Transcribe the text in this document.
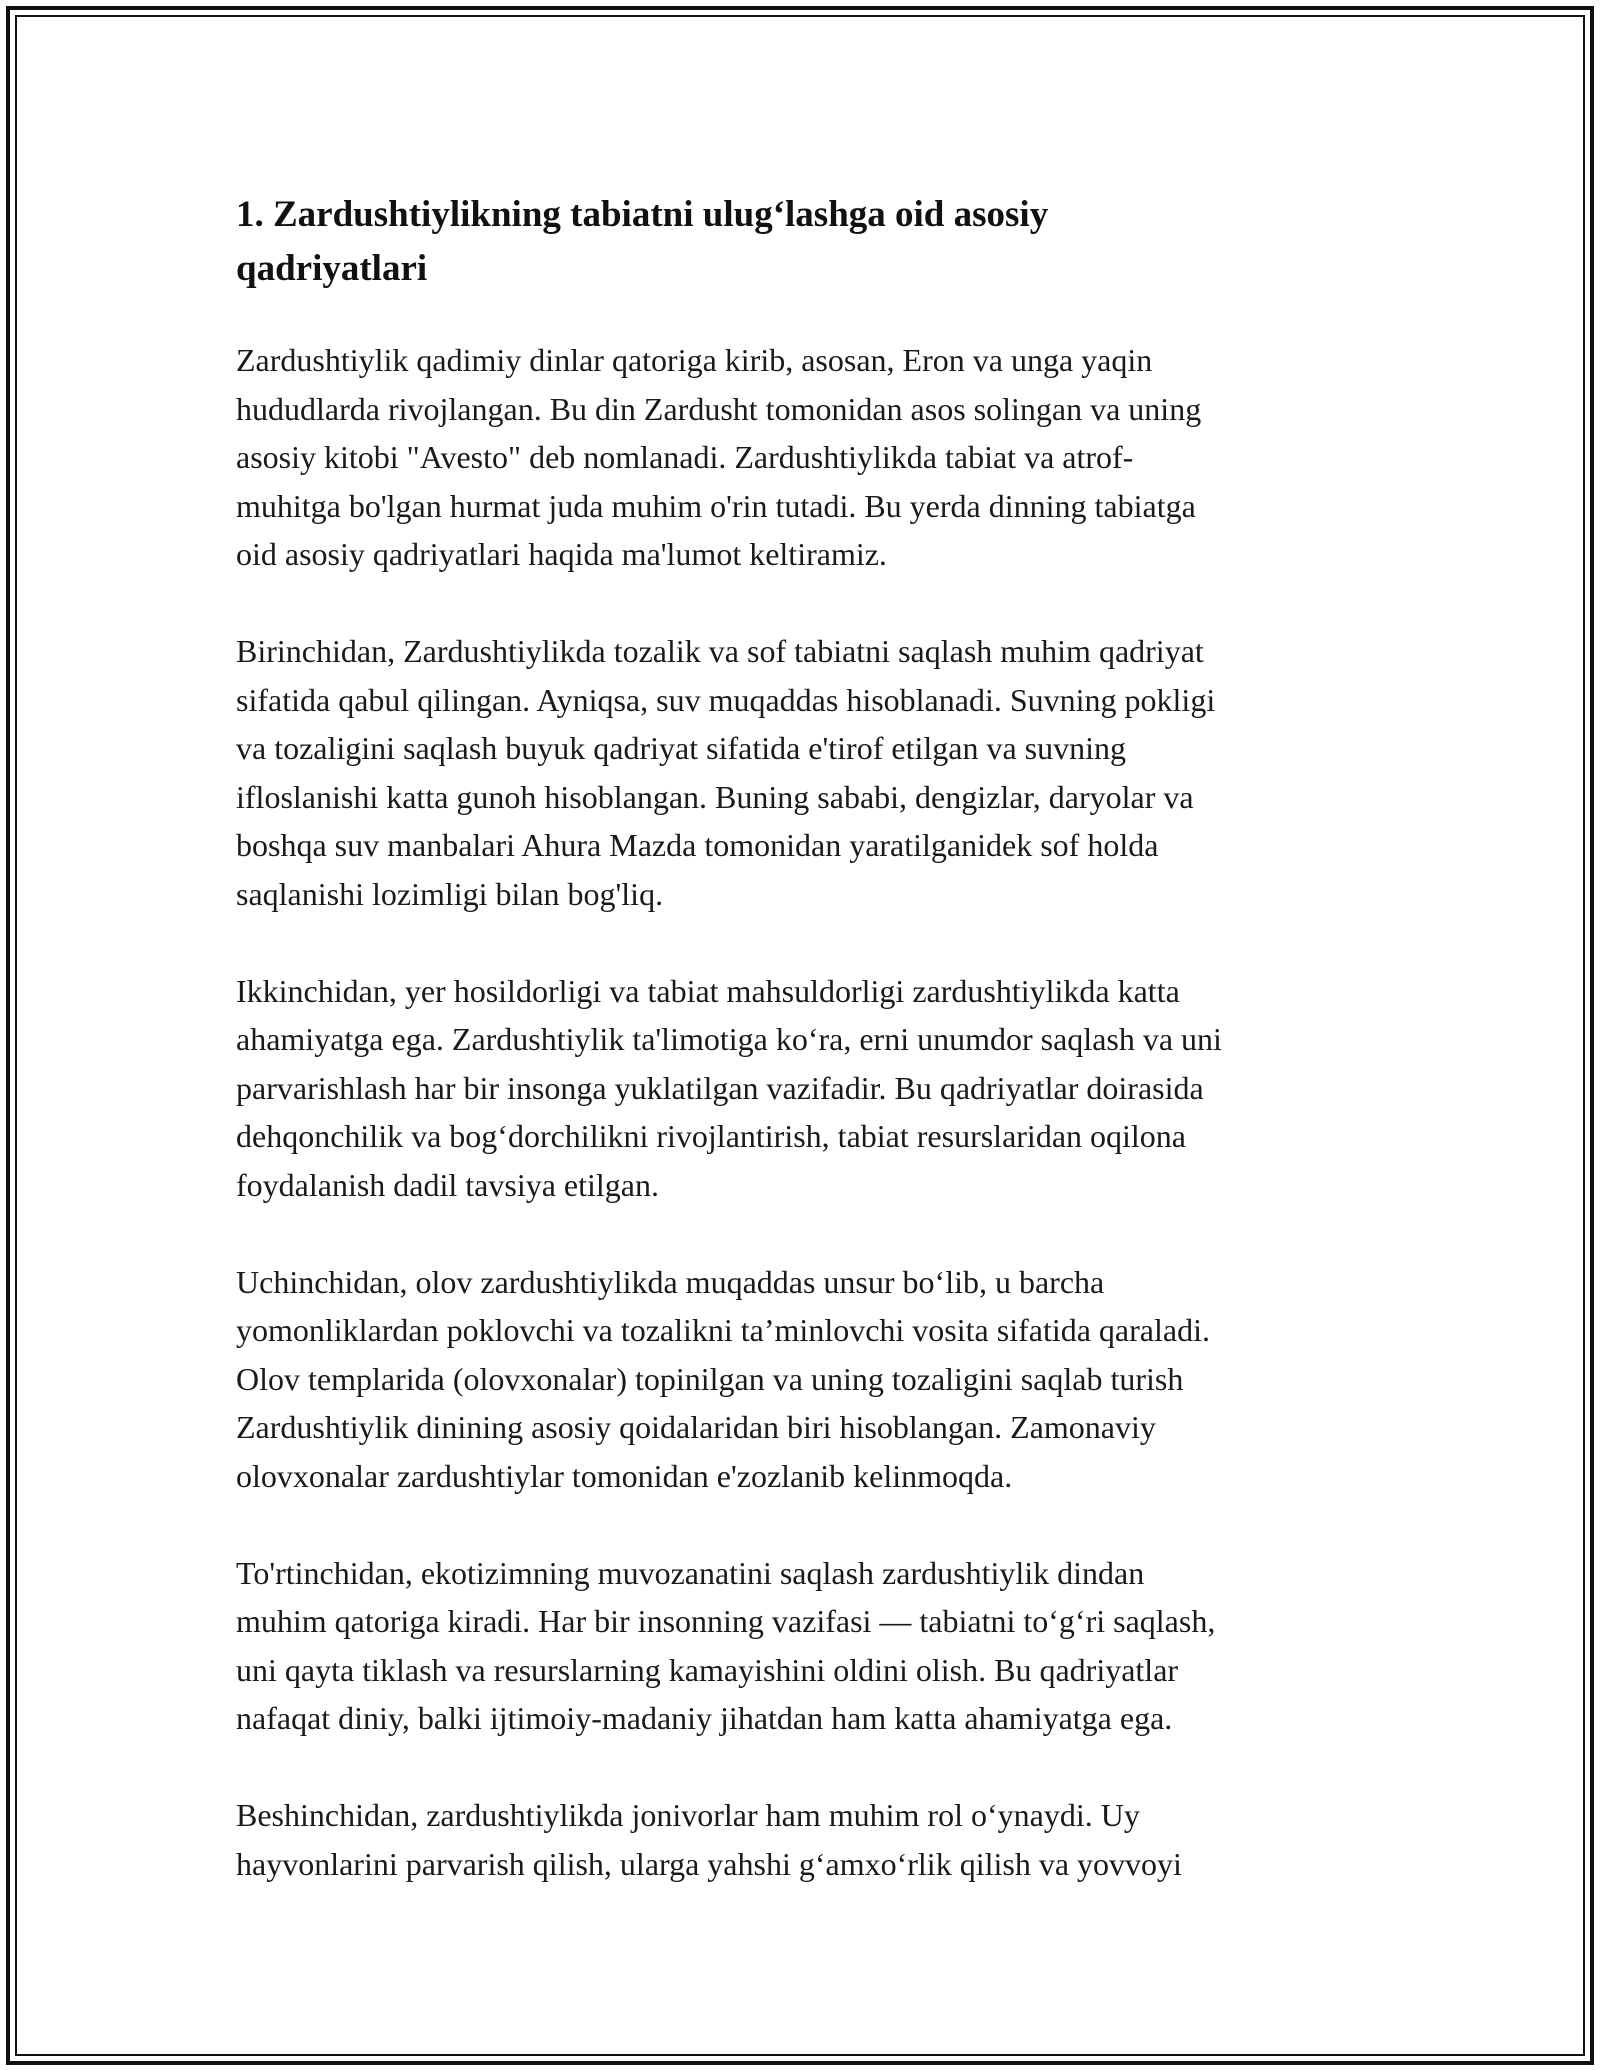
1. Zardushtiylikning tabiatni ulug‘lashga oid asosiy
qadriyatlari

Zardushtiylik qadimiy dinlar qatoriga kirib, asosan, Eron va unga yaqin
hududlarda rivojlangan. Bu din Zardusht tomonidan asos solingan va uning
asosiy kitobi "Avesto" deb nomlanadi. Zardushtiylikda tabiat va atrof-
muhitga bo'lgan hurmat juda muhim o'rin tutadi. Bu yerda dinning tabiatga
oid asosiy qadriyatlari haqida ma'lumot keltiramiz.

Birinchidan, Zardushtiylikda tozalik va sof tabiatni saqlash muhim qadriyat
sifatida qabul qilingan. Ayniqsa, suv muqaddas hisoblanadi. Suvning pokligi
va tozaligini saqlash buyuk qadriyat sifatida e'tirof etilgan va suvning
ifloslanishi katta gunoh hisoblangan. Buning sababi, dengizlar, daryolar va
boshqa suv manbalari Ahura Mazda tomonidan yaratilganidek sof holda
saqlanishi lozimligi bilan bog'liq.

Ikkinchidan, yer hosildorligi va tabiat mahsuldorligi zardushtiylikda katta
ahamiyatga ega. Zardushtiylik ta'limotiga ko‘ra, erni unumdor saqlash va uni
parvarishlash har bir insonga yuklatilgan vazifadir. Bu qadriyatlar doirasida
dehqonchilik va bog‘dorchilikni rivojlantirish, tabiat resurslaridan oqilona
foydalanish dadil tavsiya etilgan.

Uchinchidan, olov zardushtiylikda muqaddas unsur bo‘lib, u barcha
yomonliklardan poklovchi va tozalikni ta’minlovchi vosita sifatida qaraladi.
Olov templarida (olovxonalar) topinilgan va uning tozaligini saqlab turish
Zardushtiylik dinining asosiy qoidalaridan biri hisoblangan. Zamonaviy
olovxonalar zardushtiylar tomonidan e'zozlanib kelinmoqda.

To'rtinchidan, ekotizimning muvozanatini saqlash zardushtiylik dindan
muhim qatoriga kiradi. Har bir insonning vazifasi — tabiatni to‘g‘ri saqlash,
uni qayta tiklash va resurslarning kamayishini oldini olish. Bu qadriyatlar
nafaqat diniy, balki ijtimoiy-madaniy jihatdan ham katta ahamiyatga ega.

Beshinchidan, zardushtiylikda jonivorlar ham muhim rol o‘ynaydi. Uy
hayvonlarini parvarish qilish, ularga yahshi g‘amxo‘rlik qilish va yovvoyi
